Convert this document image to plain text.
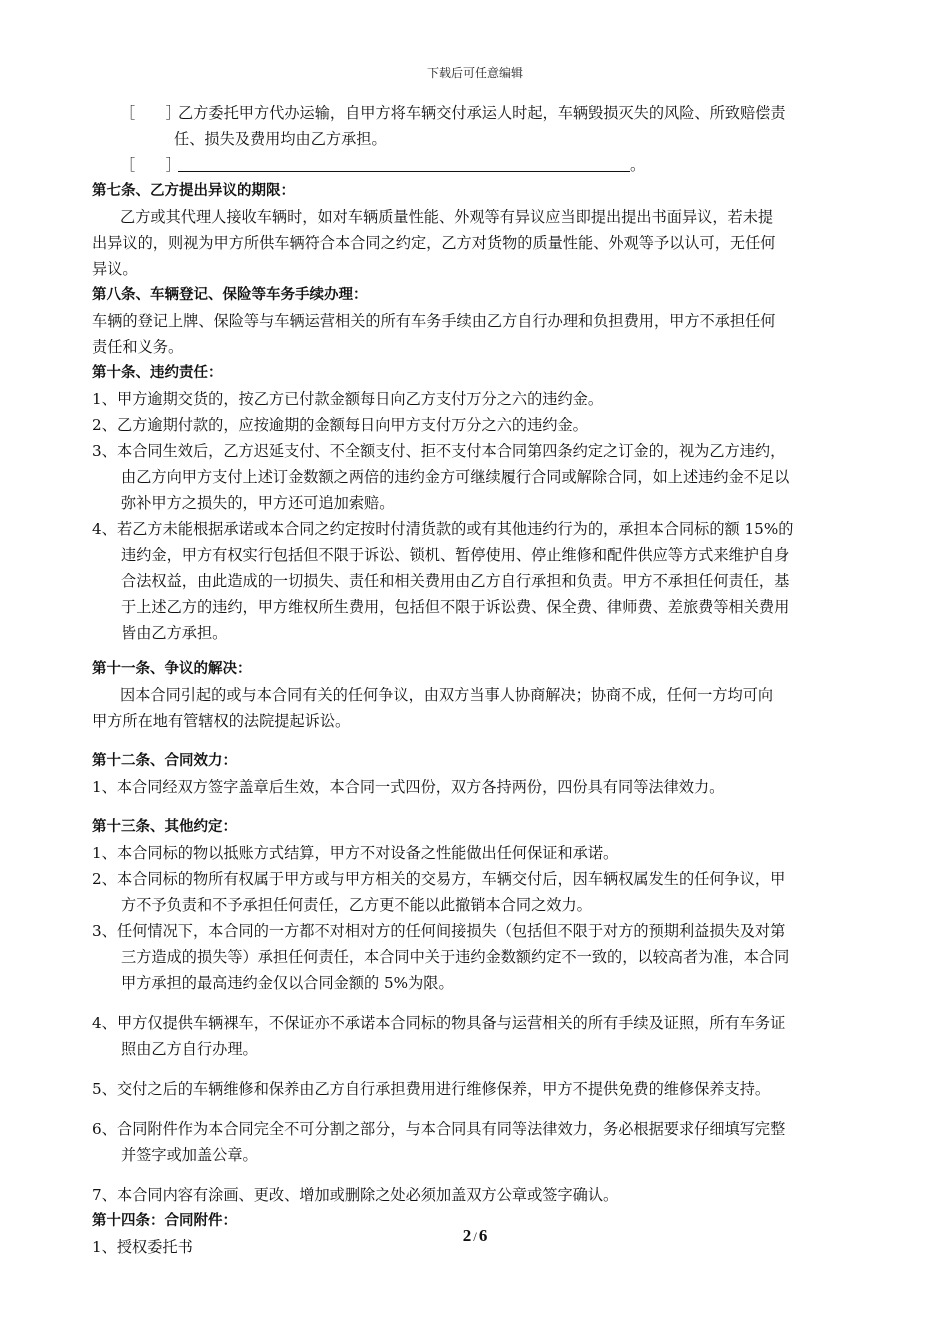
下载后可任意编辑
［　　］乙方委托甲方代办运输，自甲方将车辆交付承运人时起，车辆毁损灭失的风险、所致赔偿责
任、损失及费用均由乙方承担。
［　　］	。
第七条、乙方提出异议的期限：
乙方或其代理人接收车辆时，如对车辆质量性能、外观等有异议应当即提出提出书面异议，若未提
出异议的，则视为甲方所供车辆符合本合同之约定，乙方对货物的质量性能、外观等予以认可，无任何
异议。
第八条、车辆登记、保险等车务手续办理：
车辆的登记上牌、保险等与车辆运营相关的所有车务手续由乙方自行办理和负担费用，甲方不承担任何
责任和义务。
第十条、违约责任：
1、甲方逾期交货的，按乙方已付款金额每日向乙方支付万分之六的违约金。
2、乙方逾期付款的，应按逾期的金额每日向甲方支付万分之六的违约金。
3、本合同生效后，乙方迟延支付、不全额支付、拒不支付本合同第四条约定之订金的，视为乙方违约，
由乙方向甲方支付上述订金数额之两倍的违约金方可继续履行合同或解除合同，如上述违约金不足以
弥补甲方之损失的，甲方还可追加索赔。
4、若乙方未能根据承诺或本合同之约定按时付清货款的或有其他违约行为的，承担本合同标的额 15%的
违约金，甲方有权实行包括但不限于诉讼、锁机、暂停使用、停止维修和配件供应等方式来维护自身
合法权益，由此造成的一切损失、责任和相关费用由乙方自行承担和负责。甲方不承担任何责任，基
于上述乙方的违约，甲方维权所生费用，包括但不限于诉讼费、保全费、律师费、差旅费等相关费用
皆由乙方承担。
第十一条、争议的解决：
因本合同引起的或与本合同有关的任何争议，由双方当事人协商解决；协商不成，任何一方均可向
甲方所在地有管辖权的法院提起诉讼。
第十二条、合同效力：
1、本合同经双方签字盖章后生效，本合同一式四份，双方各持两份，四份具有同等法律效力。
第十三条、其他约定：
1、本合同标的物以抵账方式结算，甲方不对设备之性能做出任何保证和承诺。
2、本合同标的物所有权属于甲方或与甲方相关的交易方，车辆交付后，因车辆权属发生的任何争议，甲
方不予负责和不予承担任何责任，乙方更不能以此撤销本合同之效力。
3、任何情况下，本合同的一方都不对相对方的任何间接损失（包括但不限于对方的预期利益损失及对第
三方造成的损失等）承担任何责任，本合同中关于违约金数额约定不一致的，以较高者为准，本合同
甲方承担的最高违约金仅以合同金额的 5%为限。
4、甲方仅提供车辆裸车，不保证亦不承诺本合同标的物具备与运营相关的所有手续及证照，所有车务证
照由乙方自行办理。
5、交付之后的车辆维修和保养由乙方自行承担费用进行维修保养，甲方不提供免费的维修保养支持。
6、合同附件作为本合同完全不可分割之部分，与本合同具有同等法律效力，务必根据要求仔细填写完整
并签字或加盖公章。
7、本合同内容有涂画、更改、增加或删除之处必须加盖双方公章或签字确认。
第十四条：合同附件：
1、授权委托书
2 / 6
